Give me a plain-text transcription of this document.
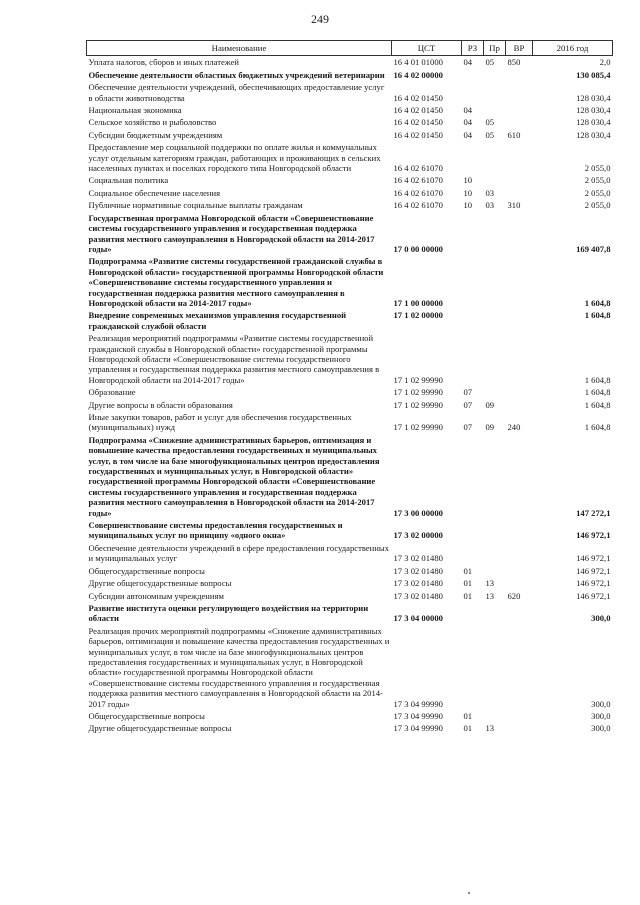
249
Наименование	ЦСТ	РЗ	Пр	ВР	2016 год
Уплата налогов, сборов и иных платежей	16 4 01 01000	04	05	850	2,0
Обеспечение деятельности областных бюджетных учреждений ветеринарии	16 4 02 00000				130 085,4
Обеспечение деятельности учреждений, обеспечивающих предоставление услуг в области животноводства	16 4 02 01450				128 030,4
Национальная экономика	16 4 02 01450	04			128 030,4
Сельское хозяйство и рыболовство	16 4 02 01450	04	05		128 030,4
Субсидии бюджетным учреждениям	16 4 02 01450	04	05	610	128 030,4
Предоставление мер социальной поддержки по оплате жилья и коммунальных услуг отдельным категориям граждан, работающих и проживающих в сельских населенных пунктах и поселках городского типа Новгородской области	16 4 02 61070				2 055,0
Социальная политика	16 4 02 61070	10			2 055,0
Социальное обеспечение населения	16 4 02 61070	10	03		2 055,0
Публичные нормативные социальные выплаты гражданам	16 4 02 61070	10	03	310	2 055,0
Государственная программа Новгородской области «Совершенствование системы государственного управления и государственная поддержка развития местного самоуправления в Новгородской области на 2014-2017 годы»	17 0 00 00000				169 407,8
Подпрограмма «Развитие системы государственной гражданской службы в Новгородской области» государственной программы Новгородской области «Совершенствование системы государственного управления и государственная поддержка развития местного самоуправления в Новгородской области на 2014-2017 годы»	17 1 00 00000				1 604,8
Внедрение современных механизмов управления государственной гражданской службой области	17 1 02 00000				1 604,8
Реализация мероприятий подпрограммы «Развитие системы государственной гражданской службы в Новгородской области» государственной программы Новгородской области «Совершенствование системы государственного управления и государственная поддержка развития местного самоуправления в Новгородской области на 2014-2017 годы»	17 1 02 99990				1 604,8
Образование	17 1 02 99990	07			1 604,8
Другие вопросы в области образования	17 1 02 99990	07	09		1 604,8
Иные закупки товаров, работ и услуг для обеспечения государственных (муниципальных) нужд	17 1 02 99990	07	09	240	1 604,8
Подпрограмма «Снижение административных барьеров, оптимизация и повышение качества предоставления государственных и муниципальных услуг, в том числе на базе многофункциональных центров предоставления государственных и муниципальных услуг, в Новгородской области» государственной программы Новгородской области «Совершенствование системы государственного управления и государственная поддержка развития местного самоуправления в Новгородской области на 2014-2017 годы»	17 3 00 00000				147 272,1
Совершенствование системы предоставления государственных и муниципальных услуг по принципу «одного окна»	17 3 02 00000				146 972,1
Обеспечение деятельности учреждений в сфере предоставления государственных и муниципальных услуг	17 3 02 01480				146 972,1
Общегосударственные вопросы	17 3 02 01480	01			146 972,1
Другие общегосударственные вопросы	17 3 02 01480	01	13		146 972,1
Субсидии автономным учреждениям	17 3 02 01480	01	13	620	146 972,1
Развитие института оценки регулирующего воздействия на территории области	17 3 04 00000				300,0
Реализация прочих мероприятий подпрограммы «Снижение административных барьеров, оптимизация и повышение качества предоставления государственных и муниципальных услуг, в том числе на базе многофункциональных центров предоставления государственных и муниципальных услуг, в Новгородской области» государственной программы Новгородской области «Совершенствование системы государственного управления и государственная поддержка развития местного самоуправления в Новгородской области на 2014-2017 годы»	17 3 04 99990				300,0
Общегосударственные вопросы	17 3 04 99990	01			300,0
Другие общегосударственные вопросы	17 3 04 99990	01	13		300,0
